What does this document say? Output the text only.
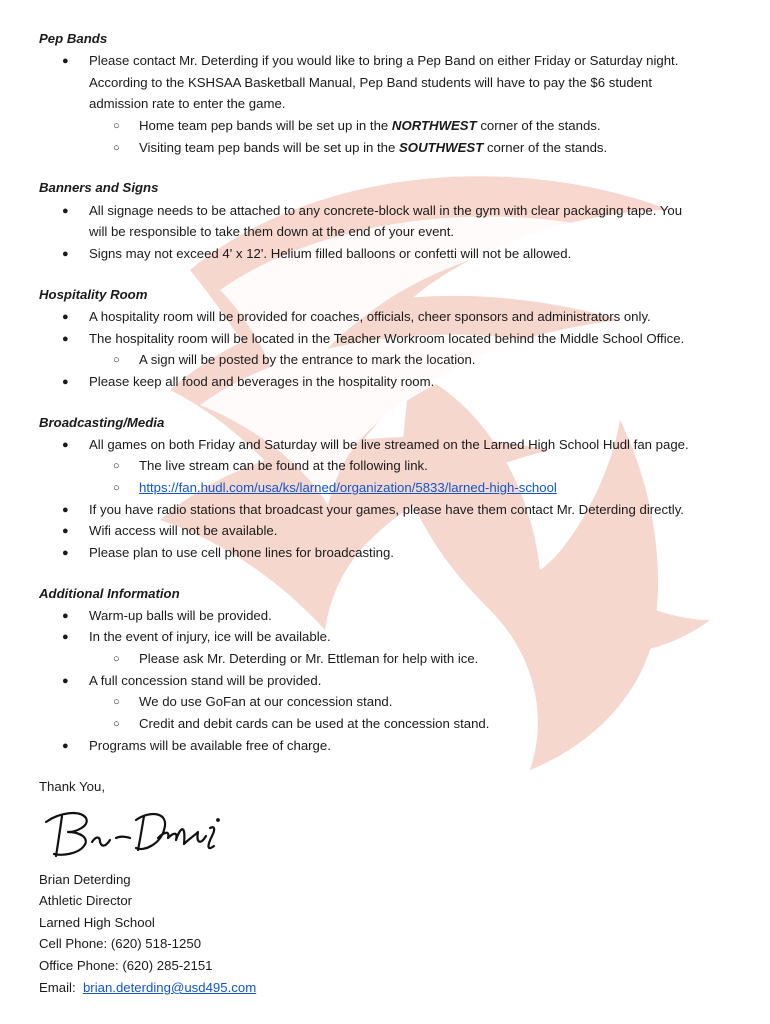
Pep Bands
● Please contact Mr. Deterding if you would like to bring a Pep Band on either Friday or Saturday night.
According to the KSHSAA Basketball Manual, Pep Band students will have to pay the $6 student
admission rate to enter the game.
○ Home team pep bands will be set up in the NORTHWEST corner of the stands.
○ Visiting team pep bands will be set up in the SOUTHWEST corner of the stands.
Banners and Signs
● All signage needs to be attached to any concrete-block wall in the gym with clear packaging tape. You
will be responsible to take them down at the end of your event.
● Signs may not exceed 4' x 12'. Helium filled balloons or confetti will not be allowed.
Hospitality Room
● A hospitality room will be provided for coaches, officials, cheer sponsors and administrators only.
● The hospitality room will be located in the Teacher Workroom located behind the Middle School Office.
○ A sign will be posted by the entrance to mark the location.
● Please keep all food and beverages in the hospitality room.
Broadcasting/Media
● All games on both Friday and Saturday will be live streamed on the Larned High School Hudl fan page.
○ The live stream can be found at the following link.
○ https://fan.hudl.com/usa/ks/larned/organization/5833/larned-high-school
● If you have radio stations that broadcast your games, please have them contact Mr. Deterding directly.
● Wifi access will not be available.
● Please plan to use cell phone lines for broadcasting.
Additional Information
● Warm-up balls will be provided.
● In the event of injury, ice will be available.
○ Please ask Mr. Deterding or Mr. Ettleman for help with ice.
● A full concession stand will be provided.
○ We do use GoFan at our concession stand.
○ Credit and debit cards can be used at the concession stand.
● Programs will be available free of charge.
Thank You,
Brian Deterding
Athletic Director
Larned High School
Cell Phone: (620) 518-1250
Office Phone: (620) 285-2151
Email:  brian.deterding@usd495.com
